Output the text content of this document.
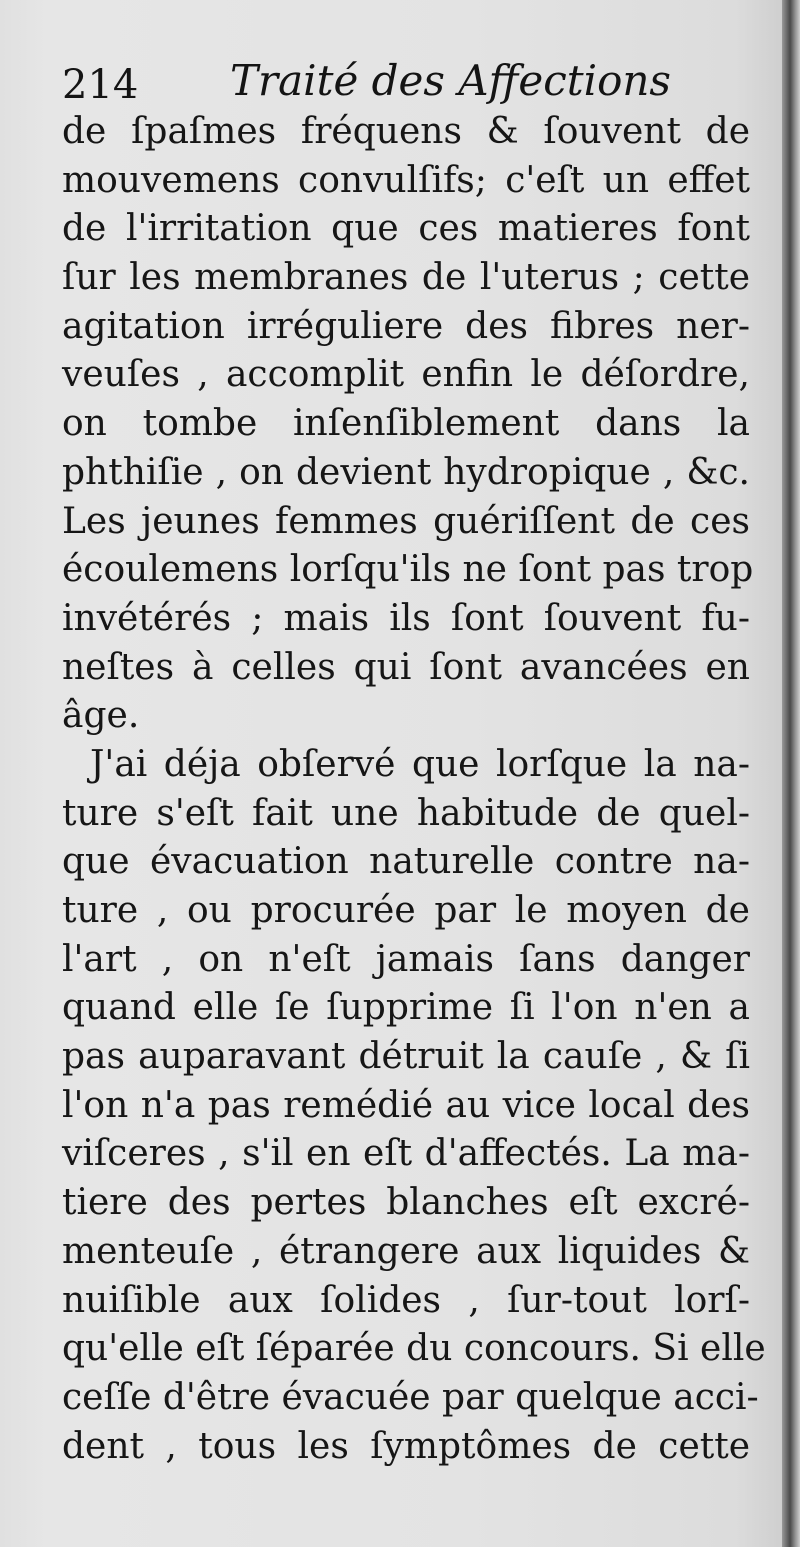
214 Traité des Affections
de ſpaſmes fréquens & ſouvent de
mouvemens convulſifs; c'eſt un effet
de l'irritation que ces matieres font
ſur les membranes de l'uterus ; cette
agitation irréguliere des fibres ner-
veuſes , accomplit enfin le déſordre,
on tombe inſenſiblement dans la
phthiſie , on devient hydropique , &c.
Les jeunes femmes guériſſent de ces
écoulemens lorſqu'ils ne ſont pas trop
invétérés ; mais ils ſont ſouvent fu-
neſtes à celles qui ſont avancées en
âge.
J'ai déja obſervé que lorſque la na-
ture s'eſt fait une habitude de quel-
que évacuation naturelle contre na-
ture , ou procurée par le moyen de
l'art , on n'eſt jamais ſans danger
quand elle ſe ſupprime ſi l'on n'en a
pas auparavant détruit la cauſe , & ſi
l'on n'a pas remédié au vice local des
viſceres , s'il en eſt d'affectés. La ma-
tiere des pertes blanches eſt excré-
menteuſe , étrangere aux liquides &
nuiſible aux ſolides , ſur-tout lorſ-
qu'elle eſt ſéparée du concours. Si elle
ceſſe d'être évacuée par quelque acci-
dent , tous les ſymptômes de cette
